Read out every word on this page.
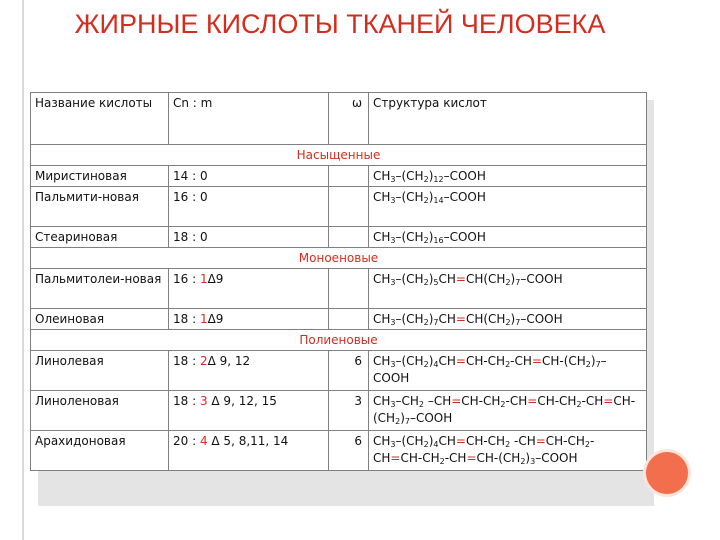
ЖИРНЫЕ КИСЛОТЫ ТКАНЕЙ ЧЕЛОВЕКА
Название кислоты	Cn : m	ω	Структура кислот
Насыщенные			
Миристиновая	14 : 0		$CH_3-(CH_2)_{12}$–COOH
Пальмити-новая	16 : 0		$CH_3-(CH_2)_{14}$–COOH
Стеариновая	18 : 0		$CH_3-(CH_2)_{16}$–COOH
Моноеновые			
Пальмитолеи-новая	16 : 1Δ9		$CH_3-(CH_2)_5CH=CH(CH_2)_7$–COOH
Олеиновая	18 : 1Δ9		$CH_3-(CH_2)_7CH=CH(CH_2)_7$–COOH
Полиеновые			
Линолевая	18 : 2Δ 9, 12	6	$CH_3-(CH_2)_4CH=CH-CH_2-CH=CH-(CH_2)_7$–COOH
Линоленовая	18 : 3 Δ 9, 12, 15	3	$CH_3-CH_2$ $-CH=CH-CH_2-CH=CH-CH_2-CH=CH-(CH_2)_7$–COOH
Арахидоновая	20 : 4 Δ 5, 8,11, 14	6	$CH_3-(CH_2)_4CH=CH-CH_2$ $-CH=CH-CH_2-CH=CH-CH_2-CH=CH-(CH_2)_3$–COOH
